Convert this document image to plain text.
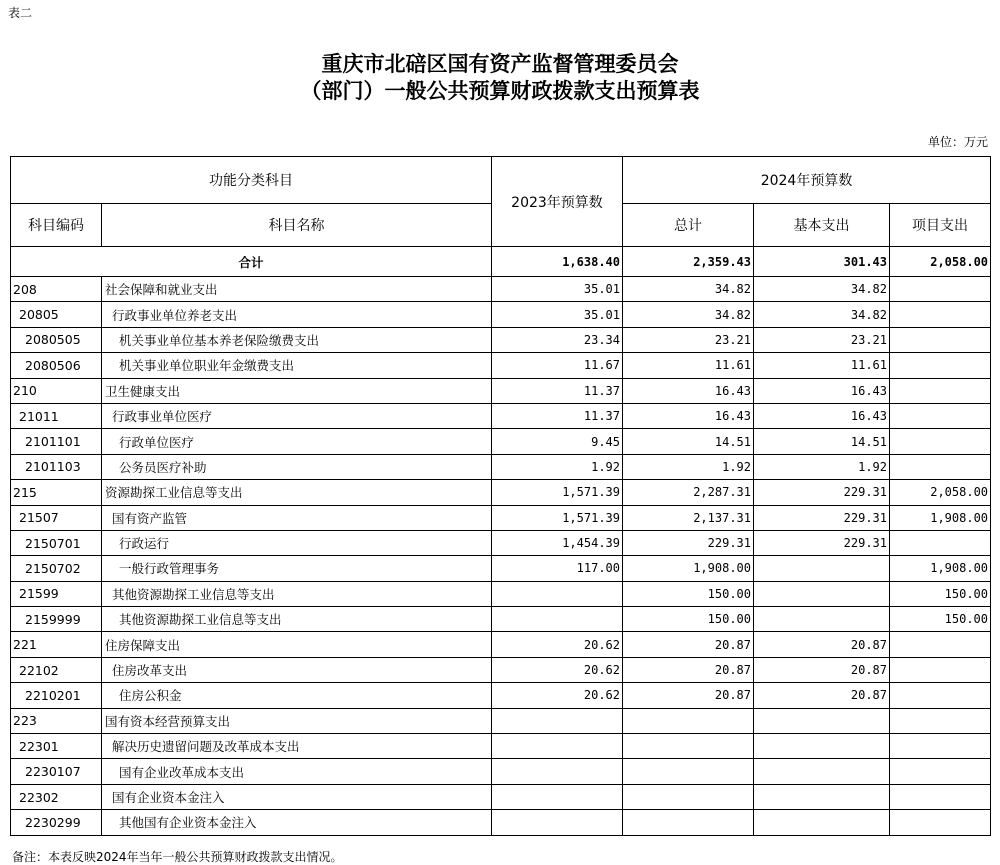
表二
重庆市北碚区国有资产监督管理委员会
（部门）一般公共预算财政拨款支出预算表
单位：万元
功能分类科目		2023年预算数	2024年预算数		
科目编码	科目名称		总计	基本支出	项目支出
合计		1,638.40	2,359.43	301.43	2,058.00
208	社会保障和就业支出	35.01	34.82	34.82	
20805	行政事业单位养老支出	35.01	34.82	34.82	
2080505	机关事业单位基本养老保险缴费支出	23.34	23.21	23.21	
2080506	机关事业单位职业年金缴费支出	11.67	11.61	11.61	
210	卫生健康支出	11.37	16.43	16.43	
21011	行政事业单位医疗	11.37	16.43	16.43	
2101101	行政单位医疗	9.45	14.51	14.51	
2101103	公务员医疗补助	1.92	1.92	1.92	
215	资源勘探工业信息等支出	1,571.39	2,287.31	229.31	2,058.00
21507	国有资产监管	1,571.39	2,137.31	229.31	1,908.00
2150701	行政运行	1,454.39	229.31	229.31	
2150702	一般行政管理事务	117.00	1,908.00		1,908.00
21599	其他资源勘探工业信息等支出		150.00		150.00
2159999	其他资源勘探工业信息等支出		150.00		150.00
221	住房保障支出	20.62	20.87	20.87	
22102	住房改革支出	20.62	20.87	20.87	
2210201	住房公积金	20.62	20.87	20.87	
223	国有资本经营预算支出				
22301	解决历史遗留问题及改革成本支出				
2230107	国有企业改革成本支出				
22302	国有企业资本金注入				
2230299	其他国有企业资本金注入				
备注：本表反映2024年当年一般公共预算财政拨款支出情况。
